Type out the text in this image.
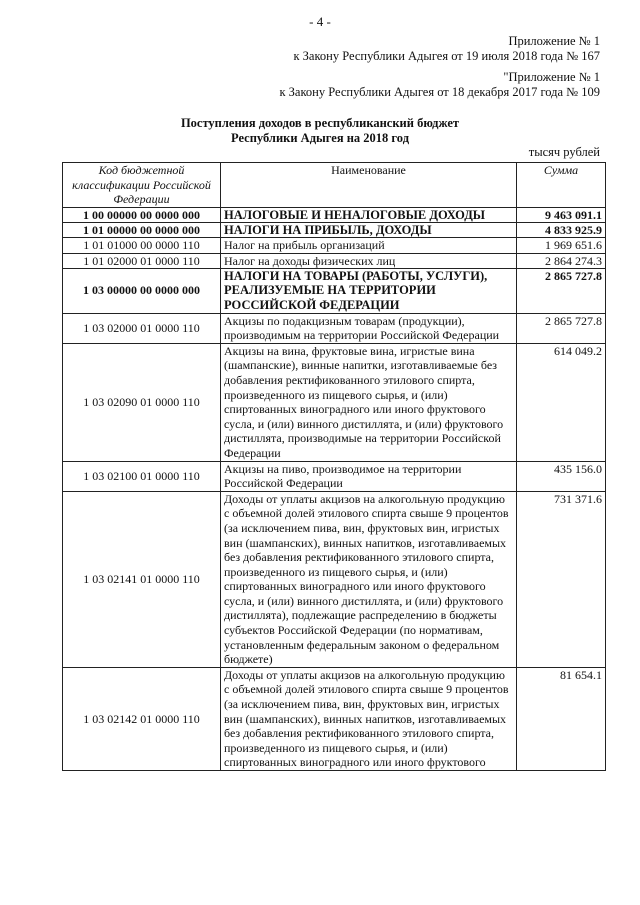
- 4 -
Приложение № 1
к Закону Республики Адыгея от 19 июля 2018 года № 167
"Приложение № 1
к Закону Республики Адыгея от 18 декабря 2017 года № 109
Поступления доходов в республиканский бюджет
Республики Адыгея на 2018 год
тысяч рублей
Код бюджетной классификации Российской Федерации	Наименование	Сумма
1 00 00000 00 0000 000	НАЛОГОВЫЕ И НЕНАЛОГОВЫЕ ДОХОДЫ	9 463 091.1
1 01 00000 00 0000 000	НАЛОГИ НА ПРИБЫЛЬ, ДОХОДЫ	4 833 925.9
1 01 01000 00 0000 110	Налог на прибыль организаций	1 969 651.6
1 01 02000 01 0000 110	Налог на доходы физических лиц	2 864 274.3
1 03 00000 00 0000 000	НАЛОГИ НА ТОВАРЫ (РАБОТЫ, УСЛУГИ), РЕАЛИЗУЕМЫЕ НА ТЕРРИТОРИИ РОССИЙСКОЙ ФЕДЕРАЦИИ	2 865 727.8
1 03 02000 01 0000 110	Акцизы по подакцизным товарам (продукции), производимым на территории Российской Федерации	2 865 727.8
1 03 02090 01 0000 110	Акцизы на вина, фруктовые вина, игристые вина (шампанские), винные напитки, изготавливаемые без добавления ректификованного этилового спирта, произведенного из пищевого сырья, и (или) спиртованных виноградного или иного фруктового сусла, и (или) винного дистиллята, и (или) фруктового дистиллята, производимые на территории Российской Федерации	614 049.2
1 03 02100 01 0000 110	Акцизы на пиво, производимое на территории Российской Федерации	435 156.0
1 03 02141 01 0000 110	Доходы от уплаты акцизов на алкогольную продукцию с объемной долей этилового спирта свыше 9 процентов (за исключением пива, вин, фруктовых вин, игристых вин (шампанских), винных напитков, изготавливаемых без добавления ректификованного этилового спирта, произведенного из пищевого сырья, и (или) спиртованных виноградного или иного фруктового сусла, и (или) винного дистиллята, и (или) фруктового дистиллята), подлежащие распределению в бюджеты субъектов Российской Федерации (по нормативам, установленным федеральным законом о федеральном бюджете)	731 371.6
1 03 02142 01 0000 110	Доходы от уплаты акцизов на алкогольную продукцию с объемной долей этилового спирта свыше 9 процентов (за исключением пива, вин, фруктовых вин, игристых вин (шампанских), винных напитков, изготавливаемых без добавления ректификованного этилового спирта, произведенного из пищевого сырья, и (или) спиртованных виноградного или иного фруктового	81 654.1
